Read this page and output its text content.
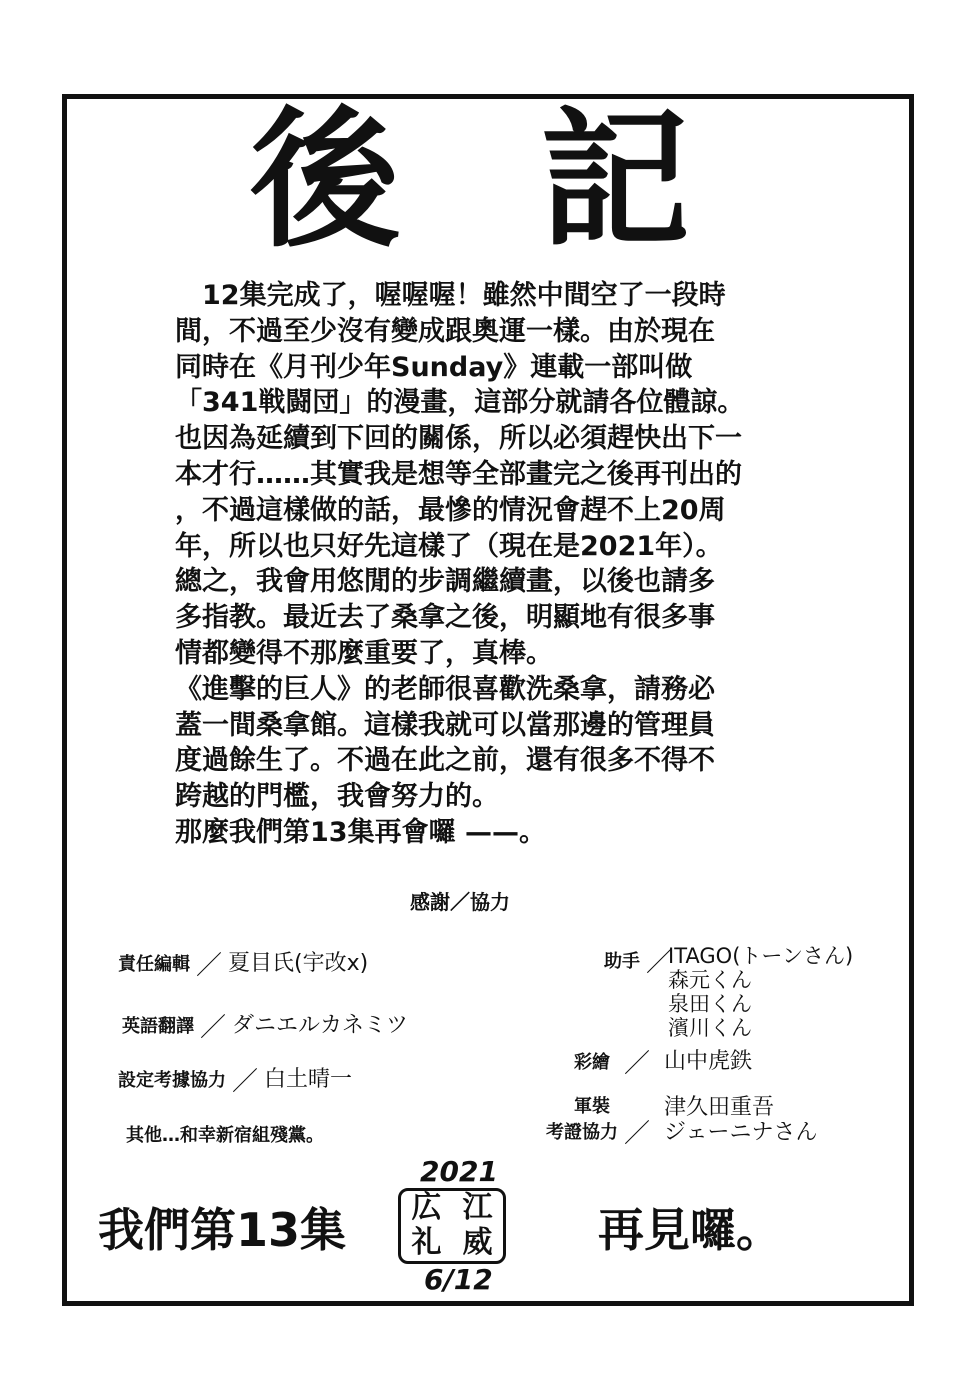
後 記
　12集完成了，喔喔喔！雖然中間空了一段時
間，不過至少沒有變成跟奧運一樣。由於現在
同時在《月刊少年Sunday》連載一部叫做
「341戦闘団」的漫畫，這部分就請各位體諒。
也因為延續到下回的關係，所以必須趕快出下一
本才行……其實我是想等全部畫完之後再刊出的
，不過這樣做的話，最慘的情況會趕不上20周
年，所以也只好先這樣了（現在是2021年）。
總之，我會用悠閒的步調繼續畫，以後也請多
多指教。最近去了桑拿之後，明顯地有很多事
情都變得不那麼重要了，真棒。
《進擊的巨人》的老師很喜歡洗桑拿，請務必
蓋一間桑拿館。這樣我就可以當那邊的管理員
度過餘生了。不過在此之前，還有很多不得不
跨越的門檻，我會努力的。
那麼我們第13集再會囉 ——。
感謝／協力
責任編輯 ／ 夏目氏(宇改x)
英語翻譯 ／ ダニエルカネミツ
設定考據協力 ／ 白土晴一
其他…和幸新宿組殘黨。
助手 ／
ITAGO(トーンさん)
森元くん
泉田くん
濱川くん
彩繪 ／ 山中虎鉄
軍裝
考證協力 ／
津久田重吾
ジェーニナさん
我們第13集
2021
広 江
礼 威
6/12
再見囉。
